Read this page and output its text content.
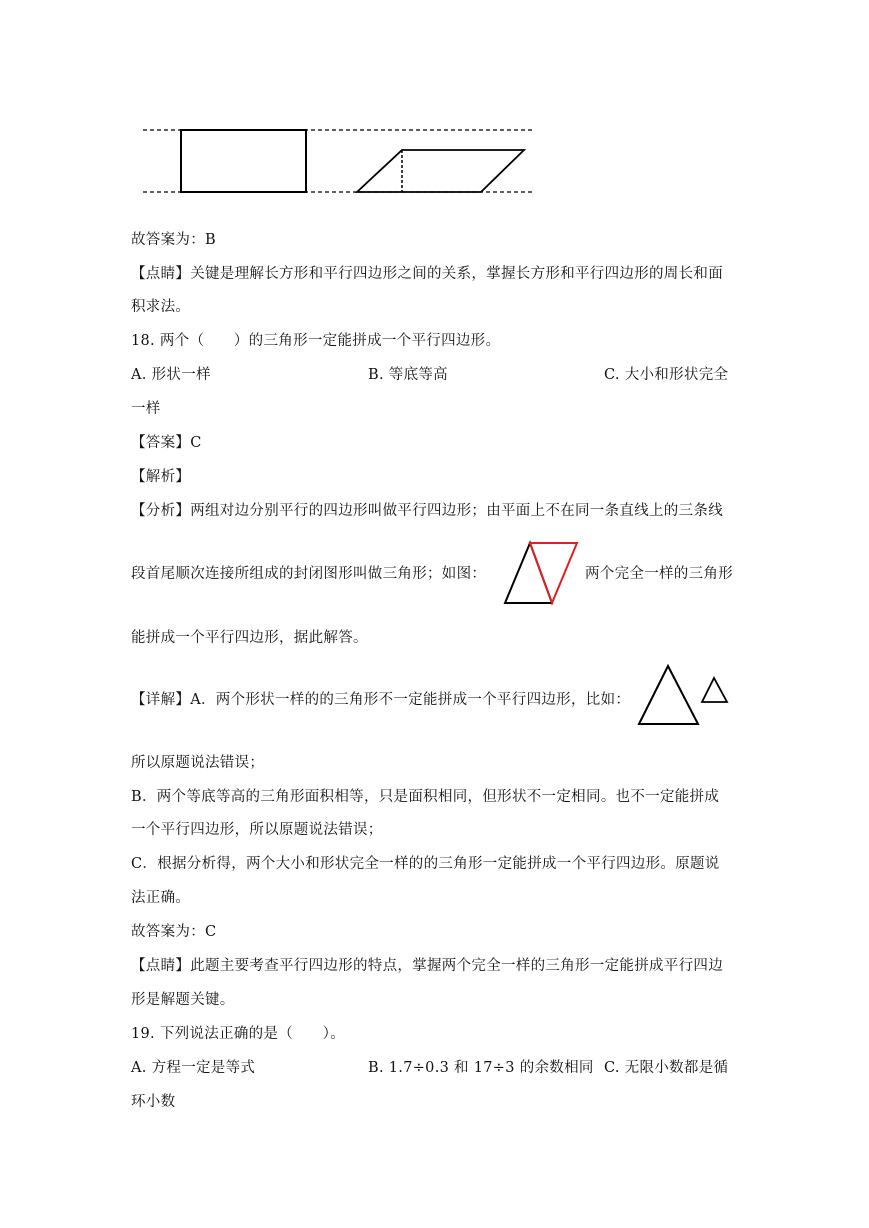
故答案为：B
【点睛】关键是理解长方形和平行四边形之间的关系，掌握长方形和平行四边形的周长和面
积求法。
18. 两个（　　）的三角形一定能拼成一个平行四边形。
A. 形状一样	B. 等底等高	C. 大小和形状完全
一样
【答案】C
【解析】
【分析】两组对边分别平行的四边形叫做平行四边形；由平面上不在同一条直线上的三条线
段首尾顺次连接所组成的封闭图形叫做三角形；如图：	两个完全一样的三角形
能拼成一个平行四边形，据此解答。
【详解】A．两个形状一样的的三角形不一定能拼成一个平行四边形，比如：
所以原题说法错误；
B．两个等底等高的三角形面积相等，只是面积相同，但形状不一定相同。也不一定能拼成
一个平行四边形，所以原题说法错误；
C．根据分析得，两个大小和形状完全一样的的三角形一定能拼成一个平行四边形。原题说
法正确。
故答案为：C
【点睛】此题主要考查平行四边形的特点，掌握两个完全一样的三角形一定能拼成平行四边
形是解题关键。
19. 下列说法正确的是（　　）。
A. 方程一定是等式	B. 1.7÷0.3 和 17÷3 的余数相同 C. 无限小数都是循
环小数
